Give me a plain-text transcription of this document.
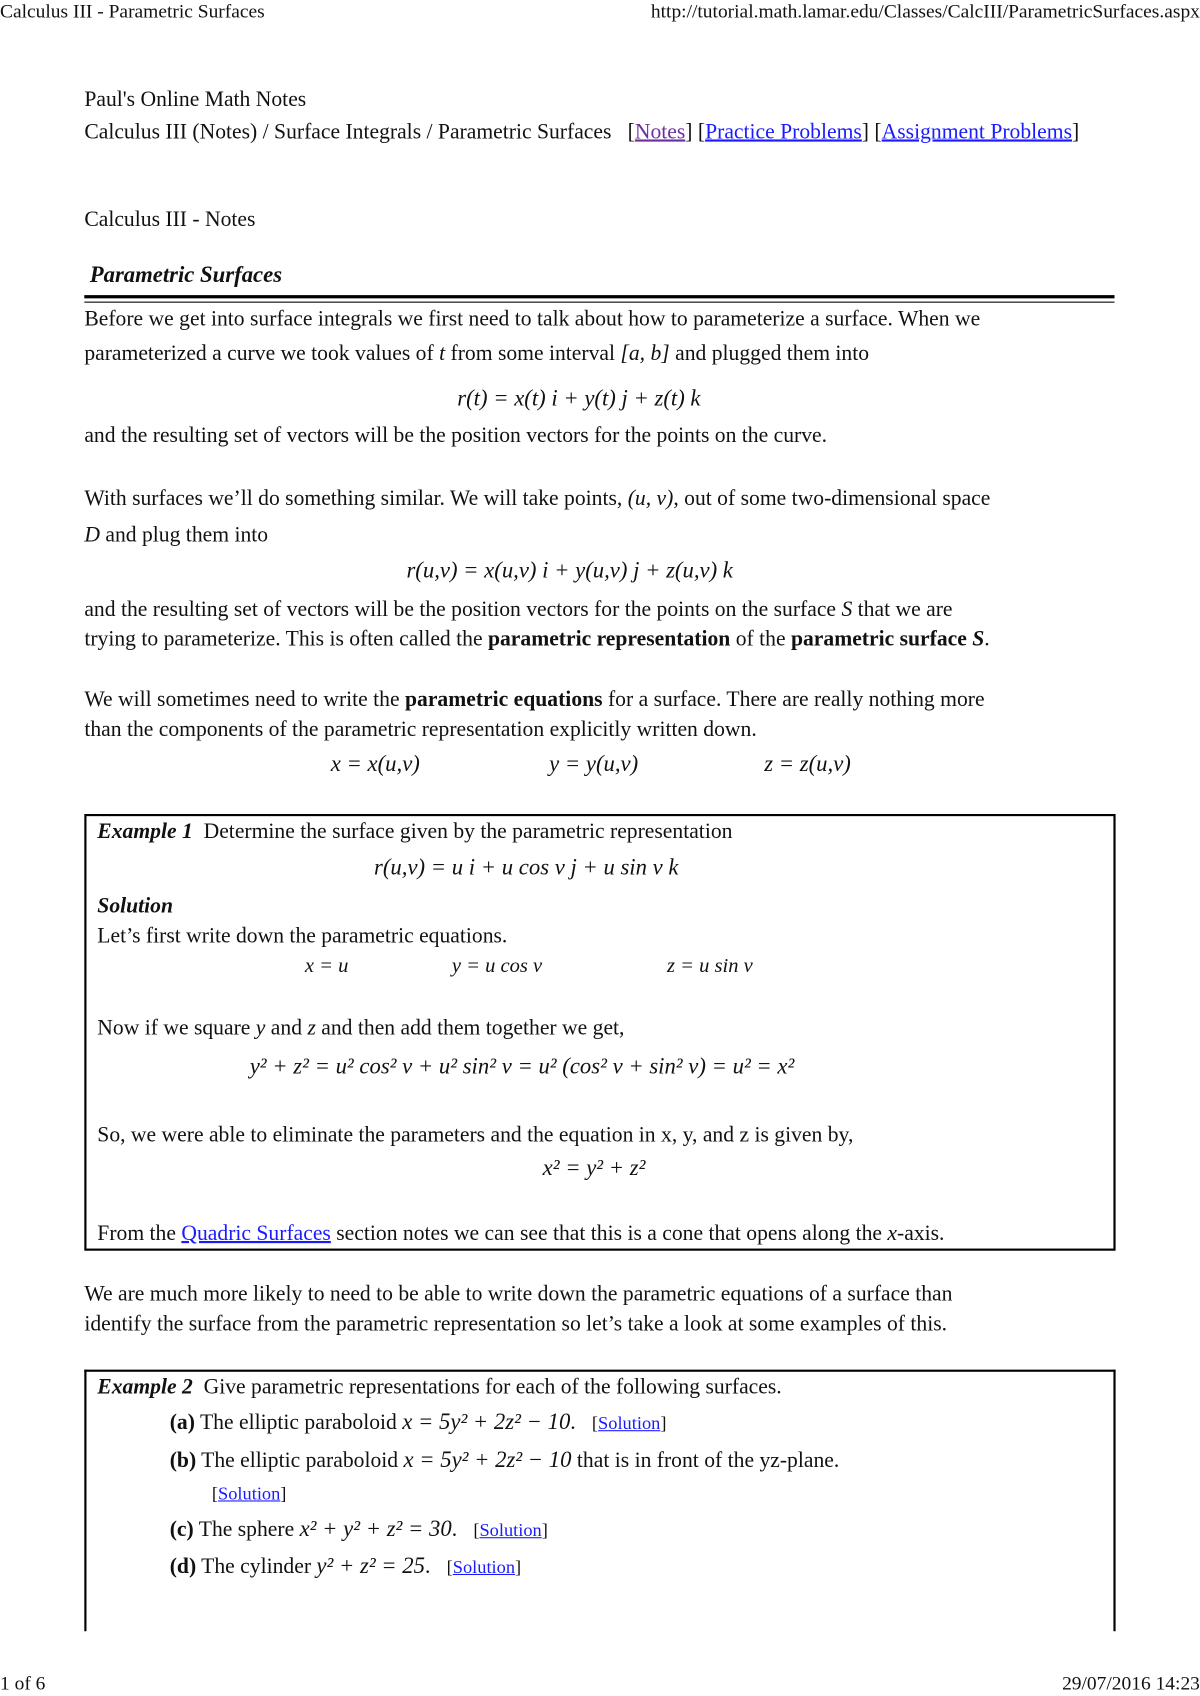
Calculus III - Parametric Surfaces	http://tutorial.math.lamar.edu/Classes/CalcIII/ParametricSurfaces.aspx
Paul's Online Math Notes
Calculus III (Notes) / Surface Integrals / Parametric Surfaces   [Notes] [Practice Problems] [Assignment Problems]
Calculus III - Notes
Parametric Surfaces
Before we get into surface integrals we first need to talk about how to parameterize a surface. When we
parameterized a curve we took values of t from some interval [a, b] and plugged them into
r(t) = x(t) i + y(t) j + z(t) k
and the resulting set of vectors will be the position vectors for the points on the curve.
With surfaces we’ll do something similar. We will take points, (u, v), out of some two-dimensional space
D and plug them into
r(u,v) = x(u,v) i + y(u,v) j + z(u,v) k
and the resulting set of vectors will be the position vectors for the points on the surface S that we are
trying to parameterize. This is often called the parametric representation of the parametric surface S.
We will sometimes need to write the parametric equations for a surface. There are really nothing more
than the components of the parametric representation explicitly written down.
x = x(u,v)	y = y(u,v)	z = z(u,v)
Example 1 Determine the surface given by the parametric representation
r(u,v) = u i + u cos v j + u sin v k
Solution
Let’s first write down the parametric equations.
x = u	y = u cos v	z = u sin v
Now if we square y and z and then add them together we get,
y² + z² = u² cos² v + u² sin² v = u² (cos² v + sin² v) = u² = x²
So, we were able to eliminate the parameters and the equation in x, y, and z is given by,
x² = y² + z²
From the Quadric Surfaces section notes we can see that this is a cone that opens along the x-axis.
We are much more likely to need to be able to write down the parametric equations of a surface than
identify the surface from the parametric representation so let’s take a look at some examples of this.
Example 2 Give parametric representations for each of the following surfaces.
(a) The elliptic paraboloid x = 5y² + 2z² − 10. [Solution]
(b) The elliptic paraboloid x = 5y² + 2z² − 10 that is in front of the yz-plane.
[Solution]
(c) The sphere x² + y² + z² = 30. [Solution]
(d) The cylinder y² + z² = 25. [Solution]
1 of 6	29/07/2016 14:23
